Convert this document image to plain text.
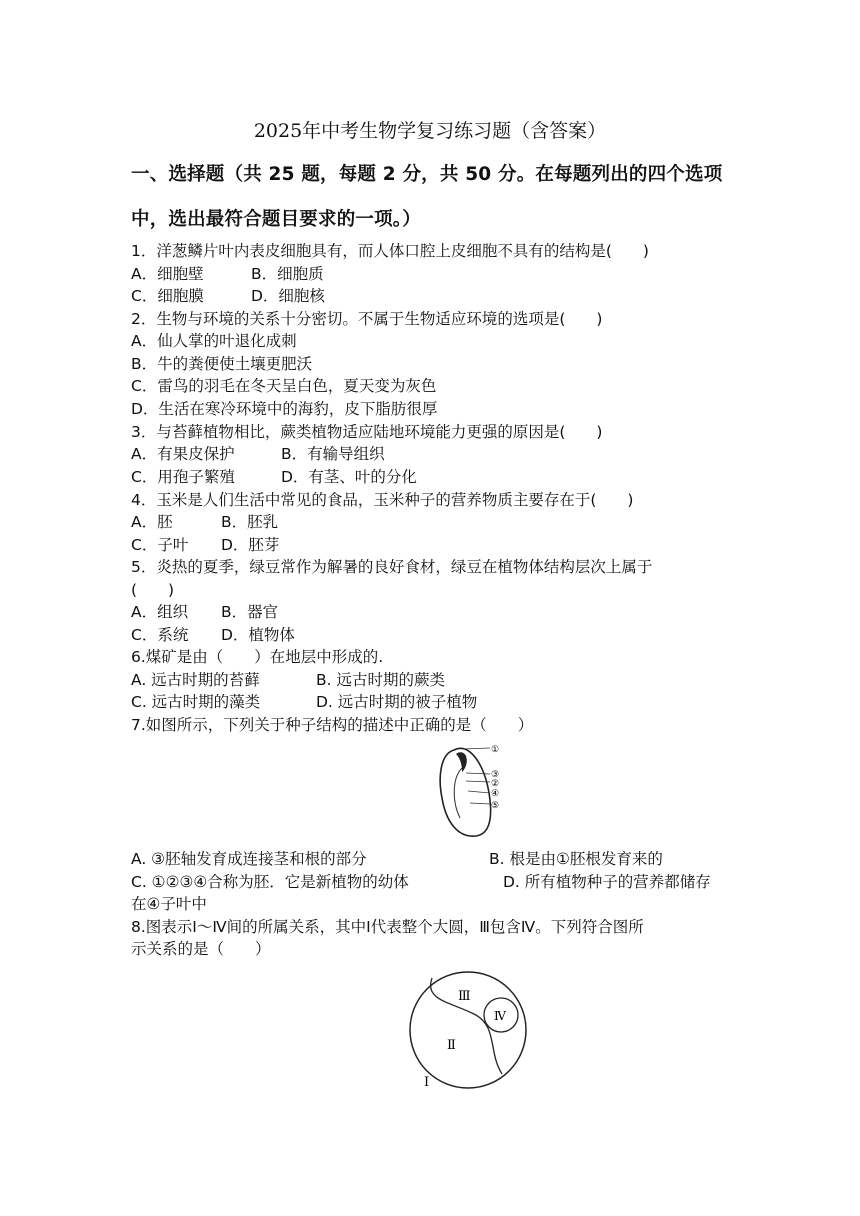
2025年中考生物学复习练习题（含答案）
一、选择题（共 25 题，每题 2 分，共 50 分。在每题列出的四个选项
中，选出最符合题目要求的一项。）
1．洋葱鳞片叶内表皮细胞具有，而人体口腔上皮细胞不具有的结构是(　　)
A．细胞壁	B．细胞质
C．细胞膜	D．细胞核
2．生物与环境的关系十分密切。不属于生物适应环境的选项是(　　)
A．仙人掌的叶退化成刺
B．牛的粪便使土壤更肥沃
C．雷鸟的羽毛在冬天呈白色，夏天变为灰色
D．生活在寒冷环境中的海豹，皮下脂肪很厚
3．与苔藓植物相比，蕨类植物适应陆地环境能力更强的原因是(　　)
A．有果皮保护	B．有输导组织
C．用孢子繁殖	D．有茎、叶的分化
4．玉米是人们生活中常见的食品，玉米种子的营养物质主要存在于(　　)
A．胚	B．胚乳
C．子叶 D．胚芽
5．炎热的夏季，绿豆常作为解暑的良好食材，绿豆在植物体结构层次上属于
(　　)
A．组织 B．器官
C．系统 D．植物体
6.煤矿是由（　　）在地层中形成的.
A. 远古时期的苔藓	B. 远古时期的蕨类
C. 远古时期的藻类	D. 远古时期的被子植物
7.如图所示，下列关于种子结构的描述中正确的是（　　）
①
③
②
④
⑤
A. ③胚轴发育成连接茎和根的部分	B. 根是由①胚根发育来的
C. ①②③④合称为胚．它是新植物的幼体	D. 所有植物种子的营养都储存
在④子叶中
8.图表示Ⅰ～Ⅳ间的所属关系，其中Ⅰ代表整个大圆，Ⅲ包含Ⅳ。下列符合图所
示关系的是（　　）
Ⅲ
Ⅳ
Ⅱ
Ⅰ
